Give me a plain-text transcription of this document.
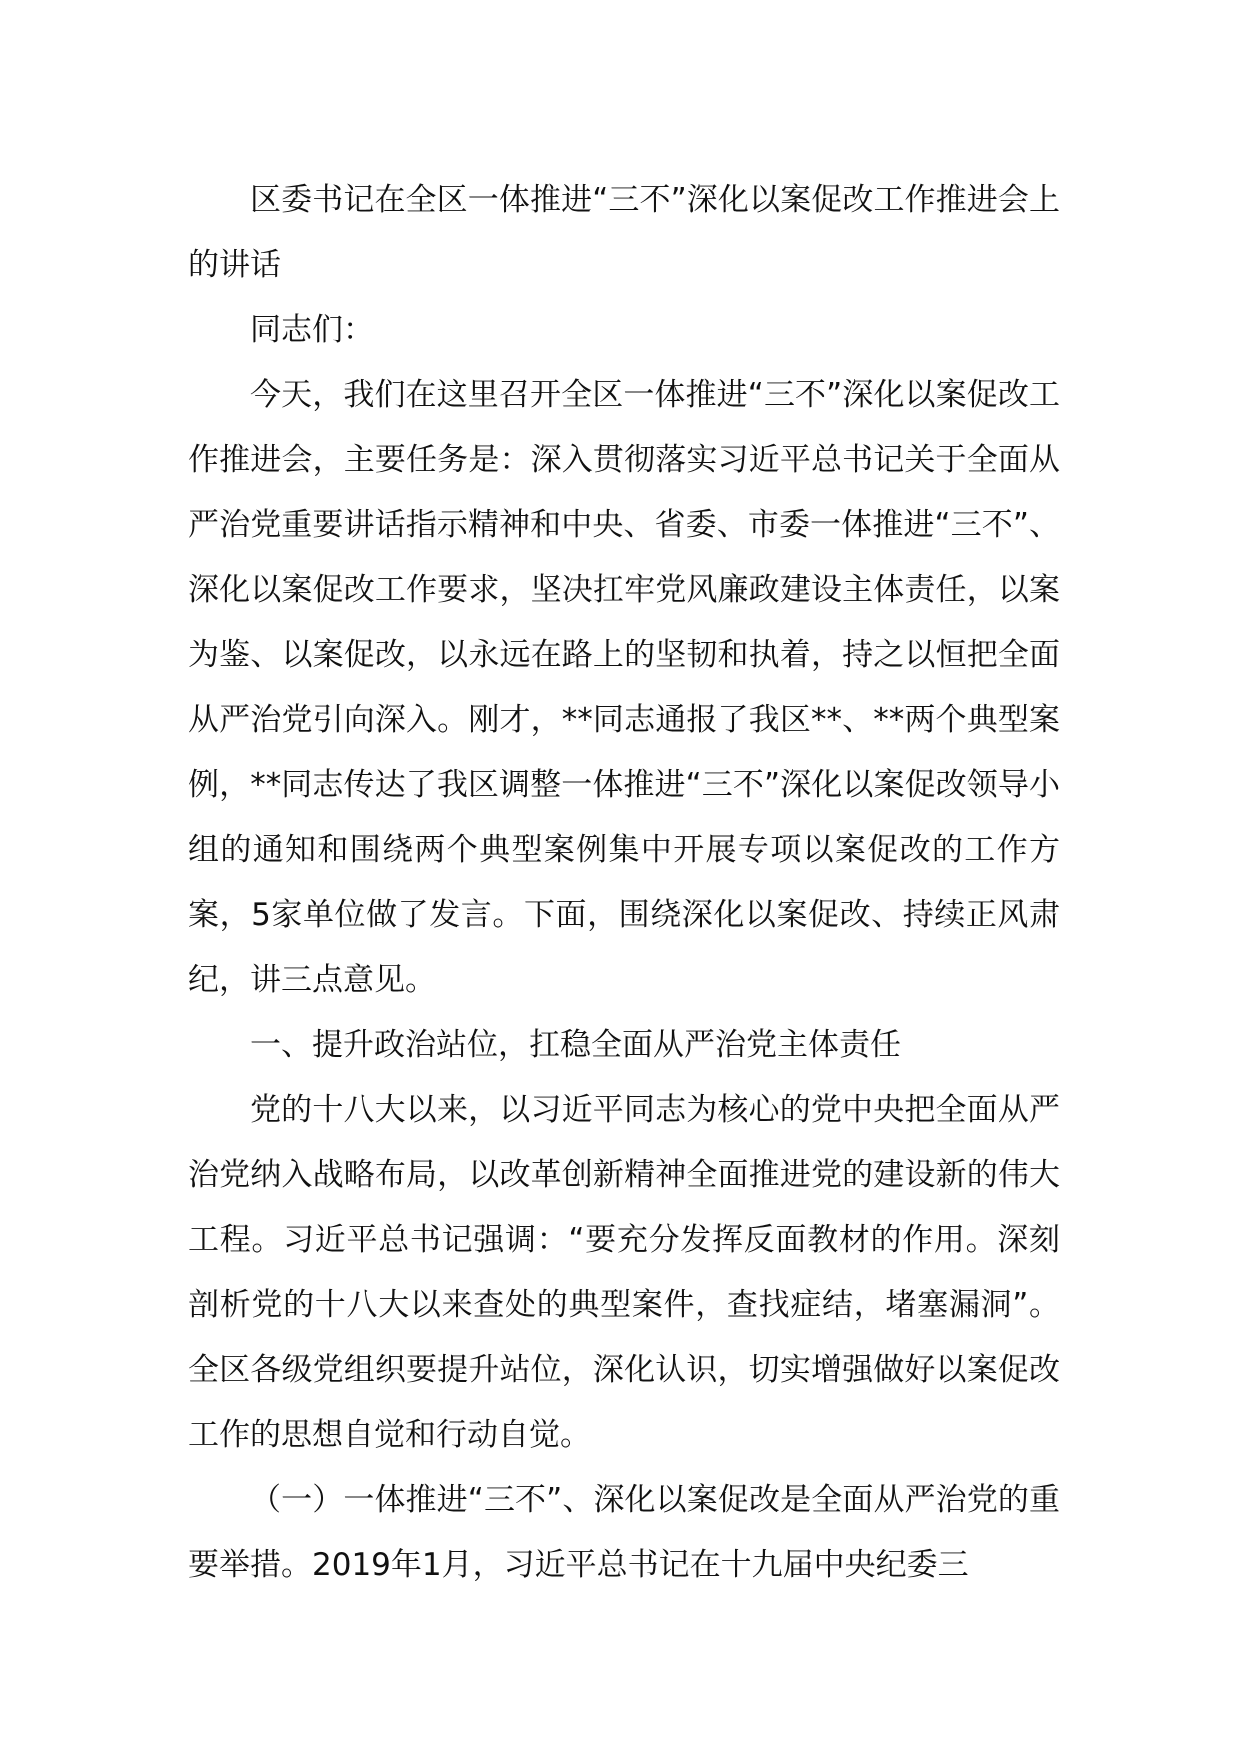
区委书记在全区一体推进“三不”深化以案促改工作推进会上的讲话

同志们：

今天，我们在这里召开全区一体推进“三不”深化以案促改工作推进会，主要任务是：深入贯彻落实习近平总书记关于全面从严治党重要讲话指示精神和中央、省委、市委一体推进“三不”、深化以案促改工作要求，坚决扛牢党风廉政建设主体责任，以案为鉴、以案促改，以永远在路上的坚韧和执着，持之以恒把全面从严治党引向深入。刚才，**同志通报了我区**、**两个典型案例，**同志传达了我区调整一体推进“三不”深化以案促改领导小组的通知和围绕两个典型案例集中开展专项以案促改的工作方案，5家单位做了发言。下面，围绕深化以案促改、持续正风肃纪，讲三点意见。

一、提升政治站位，扛稳全面从严治党主体责任

党的十八大以来，以习近平同志为核心的党中央把全面从严治党纳入战略布局，以改革创新精神全面推进党的建设新的伟大工程。习近平总书记强调：“要充分发挥反面教材的作用。深刻剖析党的十八大以来查处的典型案件，查找症结，堵塞漏洞”。全区各级党组织要提升站位，深化认识，切实增强做好以案促改工作的思想自觉和行动自觉。

（一）一体推进“三不”、深化以案促改是全面从严治党的重要举措。2019年1月，习近平总书记在十九届中央纪委三
